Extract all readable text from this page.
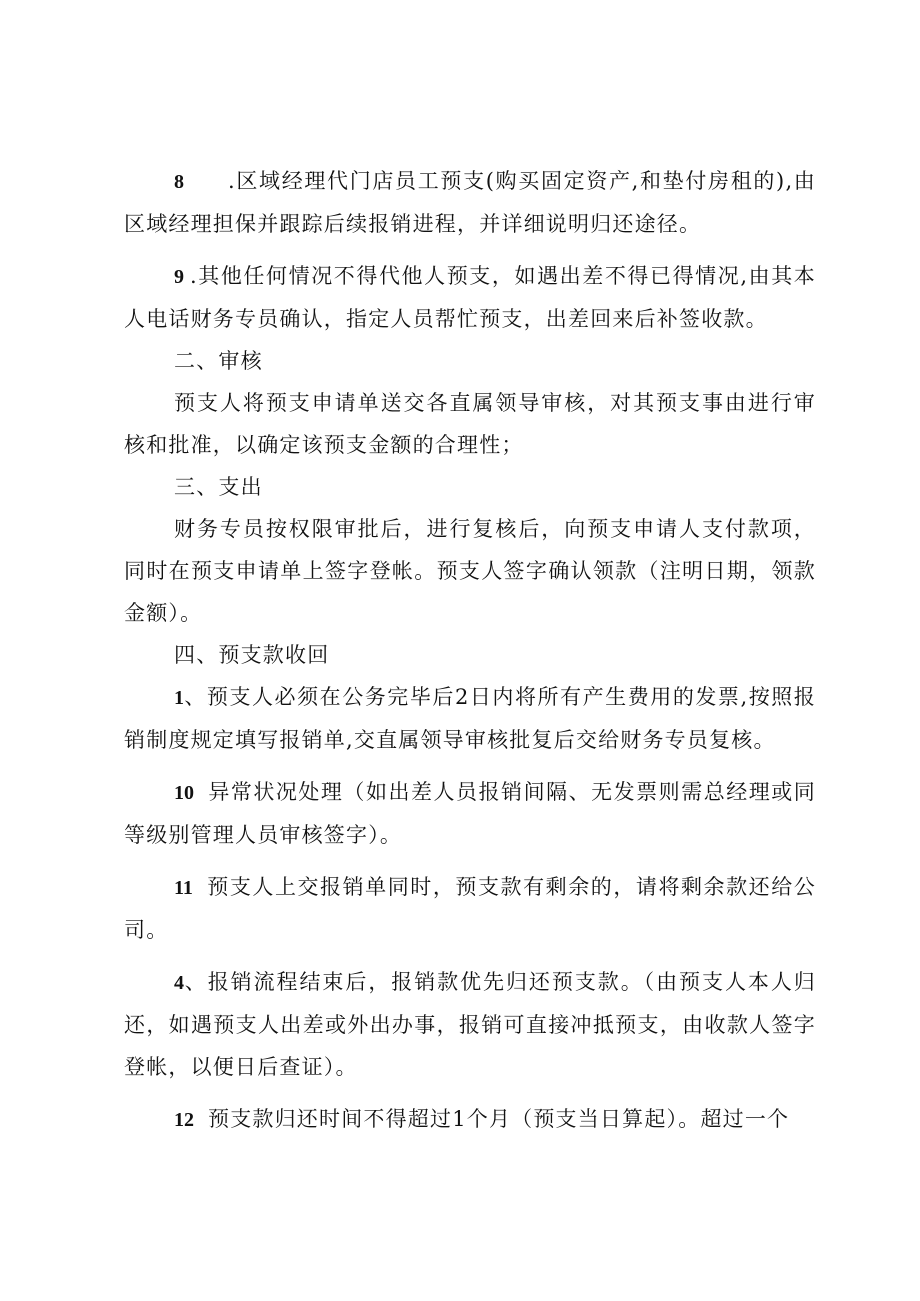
8 .区域经理代门店员工预支(购买固定资产,和垫付房租的),由区域经理担保并跟踪后续报销进程，并详细说明归还途径。

9 .其他任何情况不得代他人预支，如遇出差不得已得情况,由其本人电话财务专员确认，指定人员帮忙预支，出差回来后补签收款。

二、审核

预支人将预支申请单送交各直属领导审核，对其预支事由进行审核和批准，以确定该预支金额的合理性；

三、支出

财务专员按权限审批后，进行复核后，向预支申请人支付款项，同时在预支申请单上签字登帐。预支人签字确认领款（注明日期，领款金额）。

四、预支款收回

1、预支人必须在公务完毕后2日内将所有产生费用的发票,按照报销制度规定填写报销单,交直属领导审核批复后交给财务专员复核。

10 异常状况处理（如出差人员报销间隔、无发票则需总经理或同等级别管理人员审核签字）。

11 预支人上交报销单同时，预支款有剩余的，请将剩余款还给公司。

4、报销流程结束后，报销款优先归还预支款。（由预支人本人归还，如遇预支人出差或外出办事，报销可直接冲抵预支，由收款人签字登帐，以便日后查证）。

12 预支款归还时间不得超过1个月（预支当日算起）。超过一个
